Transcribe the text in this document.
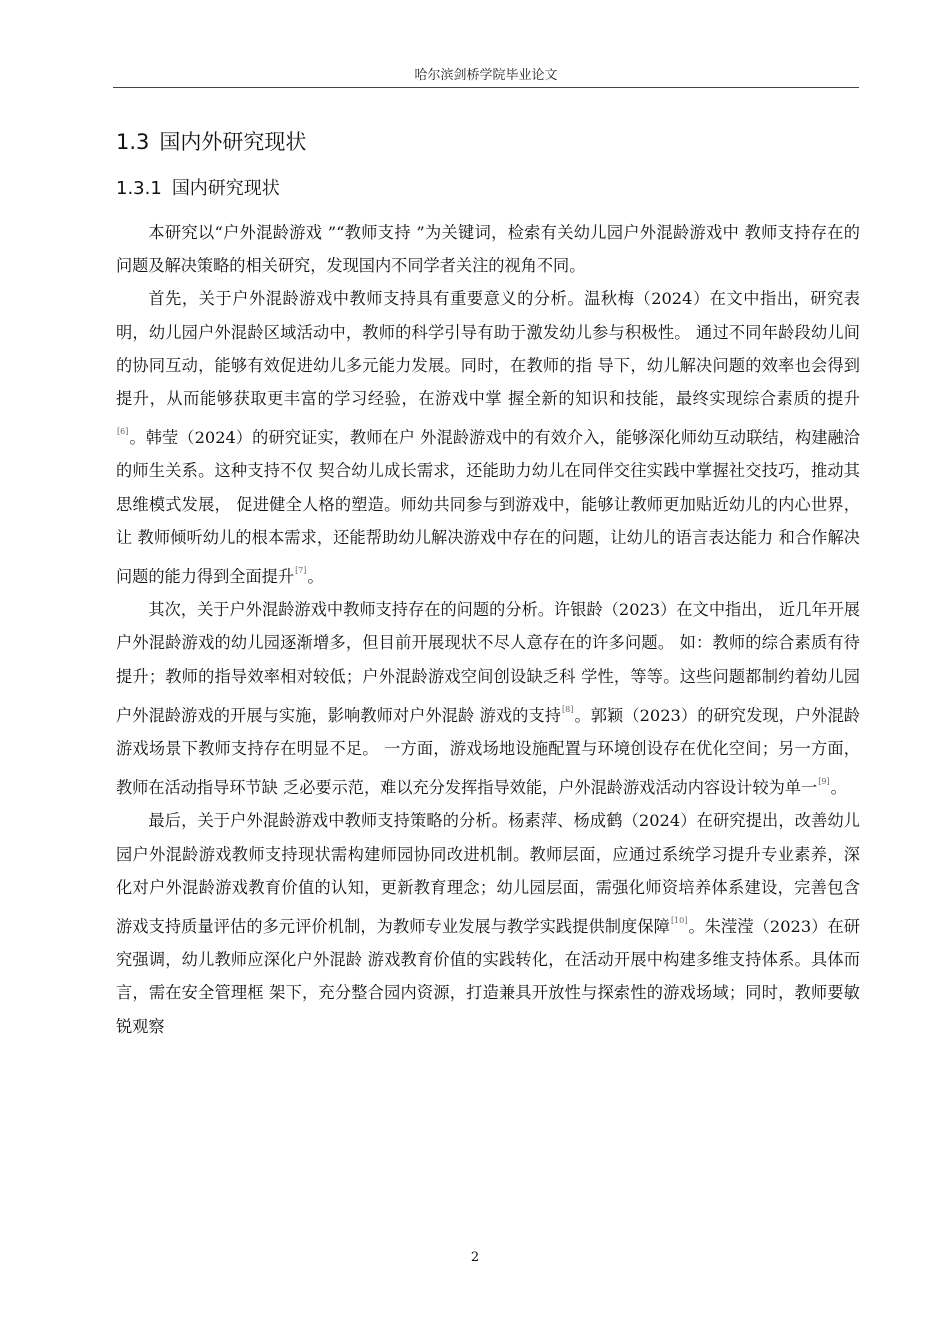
哈尔滨剑桥学院毕业论文
1.3 国内外研究现状
1.3.1 国内研究现状

本研究以“户外混龄游戏 ”“教师支持 ”为关键词，检索有关幼儿园户外混龄游戏中 教师支持存在的问题及解决策略的相关研究，发现国内不同学者关注的视角不同。

首先，关于户外混龄游戏中教师支持具有重要意义的分析。温秋梅（2024）在文中指出，研究表明，幼儿园户外混龄区域活动中，教师的科学引导有助于激发幼儿参与积极性。 通过不同年龄段幼儿间的协同互动，能够有效促进幼儿多元能力发展。同时，在教师的指 导下，幼儿解决问题的效率也会得到提升，从而能够获取更丰富的学习经验，在游戏中掌 握全新的知识和技能，最终实现综合素质的提升[6]。韩莹（2024）的研究证实，教师在户 外混龄游戏中的有效介入，能够深化师幼互动联结，构建融洽的师生关系。这种支持不仅 契合幼儿成长需求，还能助力幼儿在同伴交往实践中掌握社交技巧，推动其思维模式发展， 促进健全人格的塑造。师幼共同参与到游戏中，能够让教师更加贴近幼儿的内心世界，让 教师倾听幼儿的根本需求，还能帮助幼儿解决游戏中存在的问题，让幼儿的语言表达能力 和合作解决问题的能力得到全面提升[7]。

其次，关于户外混龄游戏中教师支持存在的问题的分析。许银龄（2023）在文中指出， 近几年开展户外混龄游戏的幼儿园逐渐增多，但目前开展现状不尽人意存在的许多问题。 如：教师的综合素质有待提升；教师的指导效率相对较低；户外混龄游戏空间创设缺乏科 学性，等等。这些问题都制约着幼儿园户外混龄游戏的开展与实施，影响教师对户外混龄 游戏的支持[8]。郭颖（2023）的研究发现，户外混龄游戏场景下教师支持存在明显不足。 一方面，游戏场地设施配置与环境创设存在优化空间；另一方面，教师在活动指导环节缺 乏必要示范，难以充分发挥指导效能，户外混龄游戏活动内容设计较为单一[9]。

最后，关于户外混龄游戏中教师支持策略的分析。杨素萍、杨成鹤（2024）在研究提出，改善幼儿园户外混龄游戏教师支持现状需构建师园协同改进机制。教师层面，应通过系统学习提升专业素养，深化对户外混龄游戏教育价值的认知，更新教育理念；幼儿园层面，需强化师资培养体系建设，完善包含游戏支持质量评估的多元评价机制，为教师专业发展与教学实践提供制度保障[10]。朱滢滢（2023）在研究强调，幼儿教师应深化户外混龄 游戏教育价值的实践转化，在活动开展中构建多维支持体系。具体而言，需在安全管理框 架下，充分整合园内资源，打造兼具开放性与探索性的游戏场域；同时，教师要敏锐观察

2
